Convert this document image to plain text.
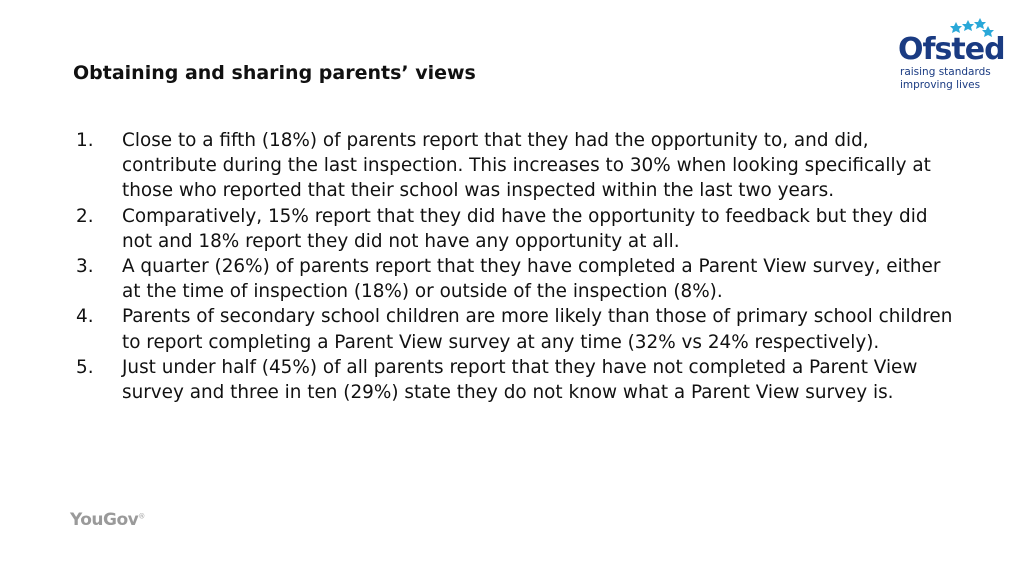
Ofsted
raising standards
improving lives
Obtaining and sharing parents’ views
1.	Close to a fifth (18%) of parents report that they had the opportunity to, and did, contribute during the last inspection. This increases to 30% when looking specifically at those who reported that their school was inspected within the last two years.
2.	Comparatively, 15% report that they did have the opportunity to feedback but they did not and 18% report they did not have any opportunity at all.
3.	A quarter (26%) of parents report that they have completed a Parent View survey, either at the time of inspection (18%) or outside of the inspection (8%).
4.	Parents of secondary school children are more likely than those of primary school children to report completing a Parent View survey at any time (32% vs 24% respectively).
5.	Just under half (45%) of all parents report that they have not completed a Parent View survey and three in ten (29%) state they do not know what a Parent View survey is.
YouGov®
